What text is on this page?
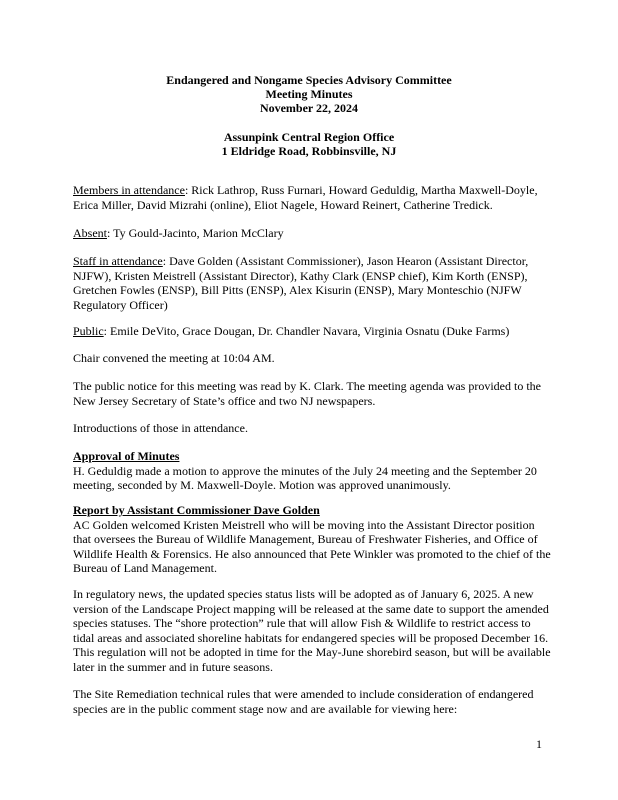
Endangered and Nongame Species Advisory Committee
Meeting Minutes
November 22, 2024
Assunpink Central Region Office
1 Eldridge Road, Robbinsville, NJ

Members in attendance: Rick Lathrop, Russ Furnari, Howard Geduldig, Martha Maxwell-Doyle, Erica Miller, David Mizrahi (online), Eliot Nagele, Howard Reinert, Catherine Tredick.

Absent: Ty Gould-Jacinto, Marion McClary

Staff in attendance: Dave Golden (Assistant Commissioner), Jason Hearon (Assistant Director, NJFW), Kristen Meistrell (Assistant Director), Kathy Clark (ENSP chief), Kim Korth (ENSP), Gretchen Fowles (ENSP), Bill Pitts (ENSP), Alex Kisurin (ENSP), Mary Monteschio (NJFW Regulatory Officer)

Public: Emile DeVito, Grace Dougan, Dr. Chandler Navara, Virginia Osnatu (Duke Farms)

Chair convened the meeting at 10:04 AM.
The public notice for this meeting was read by K. Clark. The meeting agenda was provided to the New Jersey Secretary of State’s office and two NJ newspapers.
Introductions of those in attendance.
Approval of Minutes
H. Geduldig made a motion to approve the minutes of the July 24 meeting and the September 20 meeting, seconded by M. Maxwell-Doyle. Motion was approved unanimously.
Report by Assistant Commissioner Dave Golden
AC Golden welcomed Kristen Meistrell who will be moving into the Assistant Director position that oversees the Bureau of Wildlife Management, Bureau of Freshwater Fisheries, and Office of Wildlife Health & Forensics. He also announced that Pete Winkler was promoted to the chief of the Bureau of Land Management.
In regulatory news, the updated species status lists will be adopted as of January 6, 2025. A new version of the Landscape Project mapping will be released at the same date to support the amended species statuses. The “shore protection” rule that will allow Fish & Wildlife to restrict access to tidal areas and associated shoreline habitats for endangered species will be proposed December 16. This regulation will not be adopted in time for the May-June shorebird season, but will be available later in the summer and in future seasons.
The Site Remediation technical rules that were amended to include consideration of endangered species are in the public comment stage now and are available for viewing here:
1
